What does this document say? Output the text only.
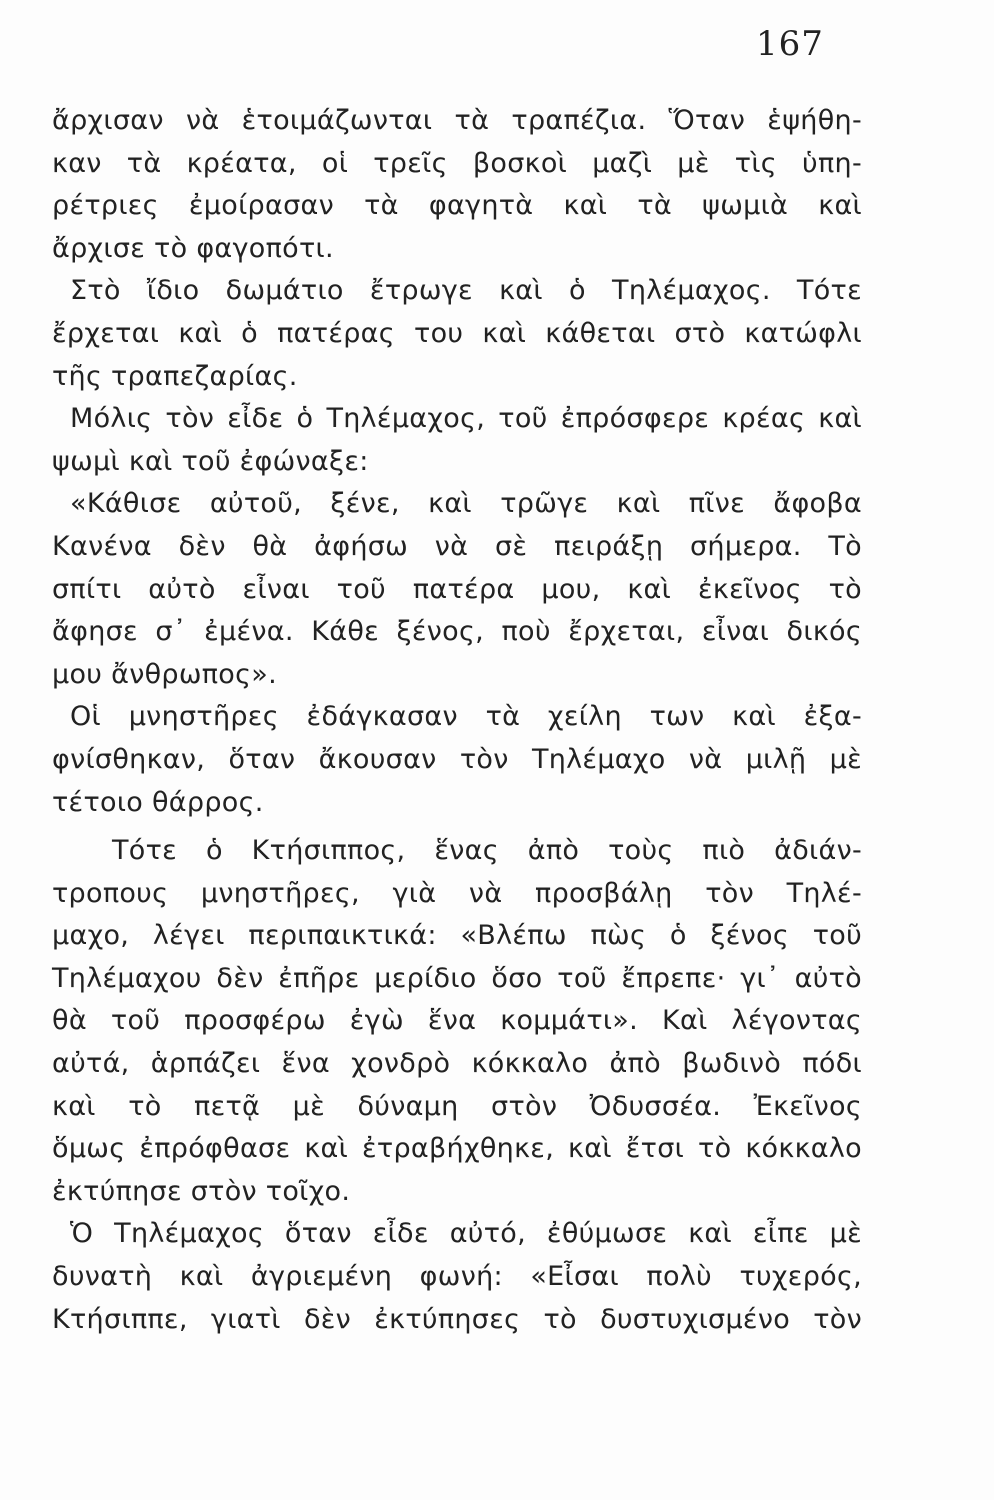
167
ἄρχισαν νὰ ἑτοιμάζωνται τὰ τραπέζια. Ὅταν ἑψήθη-
καν τὰ κρέατα, οἱ τρεῖς βοσκοὶ μαζὶ μὲ τὶς ὑπη-
ρέτριες ἐμοίρασαν τὰ φαγητὰ καὶ τὰ ψωμιὰ καὶ
ἄρχισε τὸ φαγοπότι.
Στὸ ἴδιο δωμάτιο ἔτρωγε καὶ ὁ Τηλέμαχος. Τότε
ἔρχεται καὶ ὁ πατέρας του καὶ κάθεται στὸ κατώφλι
τῆς τραπεζαρίας.
Μόλις τὸν εἶδε ὁ Τηλέμαχος, τοῦ ἐπρόσφερε κρέας καὶ
ψωμὶ καὶ τοῦ ἐφώναξε:
«Κάθισε αὐτοῦ, ξένε, καὶ τρῶγε καὶ πῖνε ἄφοβα
Κανένα δὲν θὰ ἀφήσω νὰ σὲ πειράξῃ σήμερα. Τὸ
σπίτι αὐτὸ εἶναι τοῦ πατέρα μου, καὶ ἐκεῖνος τὸ
ἄφησε σ᾽ ἐμένα. Κάθε ξένος, ποὺ ἔρχεται, εἶναι δικός
μου ἄνθρωπος».
Οἱ μνηστῆρες ἐδάγκασαν τὰ χείλη των καὶ ἐξα-
φνίσθηκαν, ὅταν ἄκουσαν τὸν Τηλέμαχο νὰ μιλῇ μὲ
τέτοιο θάρρος.
Τότε ὁ Κτήσιππος, ἕνας ἀπὸ τοὺς πιὸ ἀδιάν-
τροπους μνηστῆρες, γιὰ νὰ προσβάλῃ τὸν Τηλέ-
μαχο, λέγει περιπαικτικά: «Βλέπω πὼς ὁ ξένος τοῦ
Τηλέμαχου δὲν ἐπῆρε μερίδιο ὅσο τοῦ ἔπρεπε· γι᾽ αὐτὸ
θὰ τοῦ προσφέρω ἐγὼ ἕνα κομμάτι». Καὶ λέγοντας
αὐτά, ἁρπάζει ἕνα χονδρὸ κόκκαλο ἀπὸ βωδινὸ πόδι
καὶ τὸ πετᾷ μὲ δύναμη στὸν Ὀδυσσέα. Ἐκεῖνος
ὅμως ἐπρόφθασε καὶ ἐτραβήχθηκε, καὶ ἔτσι τὸ κόκκαλο
ἐκτύπησε στὸν τοῖχο.
Ὁ Τηλέμαχος ὅταν εἶδε αὐτό, ἐθύμωσε καὶ εἶπε μὲ
δυνατὴ καὶ ἀγριεμένη φωνή: «Εἶσαι πολὺ τυχερός,
Κτήσιππε, γιατὶ δὲν ἐκτύπησες τὸ δυστυχισμένο τὸν
